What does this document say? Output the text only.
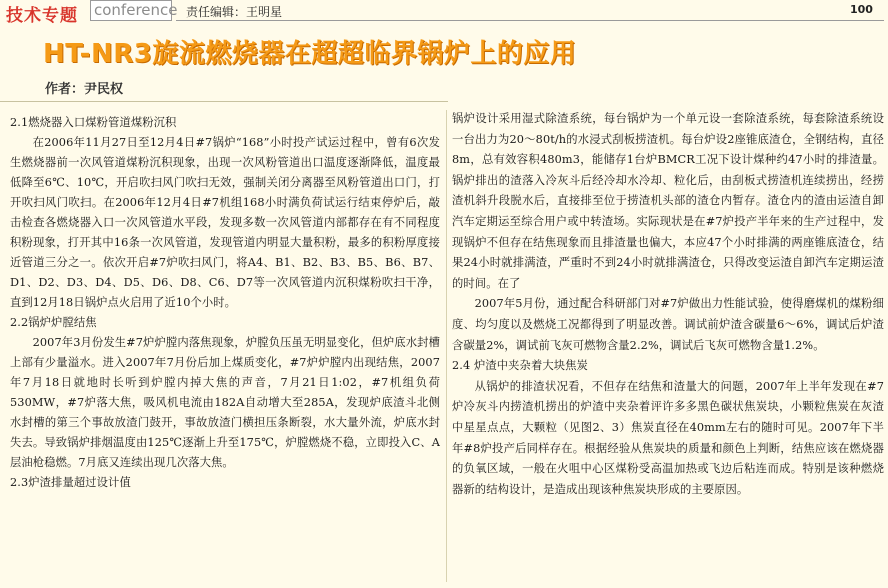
技术专题 conference 责任编辑：王明星	100
HT-NR3旋流燃烧器在超超临界锅炉上的应用
作者：尹民权

2.1燃烧器入口煤粉管道煤粉沉积

在2006年11月27日至12月4日#7锅炉“168”小时投产试运过程中，曾有6次发生燃烧器前一次风管道煤粉沉积现象，出现一次风粉管道出口温度逐渐降低，温度最低降至6℃、10℃，开启吹扫风门吹扫无效，强制关闭分离器至风粉管道出口门，打开吹扫风门吹扫。在2006年12月4日#7机组168小时满负荷试运行结束停炉后，敲击检查各燃烧器入口一次风管道水平段，发现多数一次风管道内部都存在有不同程度积粉现象，打开其中16条一次风管道，发现管道内明显大量积粉，最多的积粉厚度接近管道三分之一。依次开启#7炉吹扫风门，将A4、B1、B2、B3、B5、B6、B7、D1、D2、D3、D4、D5、D6、D8、C6、D7等一次风管道内沉积煤粉吹扫干净，直到12月18日锅炉点火启用了近10个小时。

2.2锅炉炉膛结焦

2007年3月份发生#7炉炉膛内落焦现象，炉膛负压虽无明显变化，但炉底水封槽上部有少量溢水。进入2007年7月份后加上煤质变化，#7炉炉膛内出现结焦，2007年7月18日就地时长听到炉膛内掉大焦的声音，7月21日1:02，#7机组负荷530MW，#7炉落大焦，吸风机电流由182A自动增大至285A，发现炉底渣斗北侧水封槽的第三个事故放渣门鼓开，事故放渣门横担压条断裂，水大量外流，炉底水封失去。导致锅炉排烟温度由125℃逐渐上升至175℃，炉膛燃烧不稳，立即投入C、A层油枪稳燃。7月底又连续出现几次落大焦。

2.3炉渣排量超过设计值

锅炉设计采用湿式除渣系统，每台锅炉为一个单元设一套除渣系统，每套除渣系统设一台出力为20～80t/h的水浸式刮板捞渣机。每台炉设2座锥底渣仓，全钢结构，直径8m，总有效容积480m3，能储存1台炉BMCR工况下设计煤种约47小时的排渣量。锅炉排出的渣落入冷灰斗后经冷却水冷却、粒化后，由刮板式捞渣机连续捞出，经捞渣机斜升段脱水后，直接排至位于捞渣机头部的渣仓内暂存。渣仓内的渣由运渣自卸汽车定期运至综合用户或中转渣场。实际现状是在#7炉投产半年来的生产过程中，发现锅炉不但存在结焦现象而且排渣量也偏大，本应47个小时排满的两座锥底渣仓，结果24小时就排满渣，严重时不到24小时就排满渣仓，只得改变运渣自卸汽车定期运渣的时间。在了

2007年5月份，通过配合科研部门对#7炉做出力性能试验，使得磨煤机的煤粉细度、均匀度以及燃烧工况都得到了明显改善。调试前炉渣含碳量6～6%，调试后炉渣含碳量2%，调试前飞灰可燃物含量2.2%，调试后飞灰可燃物含量1.2%。

2.4 炉渣中夹杂着大块焦炭

从锅炉的排渣状况看，不但存在结焦和渣量大的问题，2007年上半年发现在#7炉冷灰斗内捞渣机捞出的炉渣中夹杂着评许多多黑色碳状焦炭块，小颗粒焦炭在灰渣中星星点点，大颗粒（见图2、3）焦炭直径在40mm左右的随时可见。2007年下半年#8炉投产后同样存在。根据经验从焦炭块的质量和颜色上判断，结焦应该在燃烧器的负氧区域，一般在火咀中心区煤粉受高温加热或飞边后粘连而成。特别是该种燃烧器新的结构设计，是造成出现该种焦炭块形成的主要原因。
